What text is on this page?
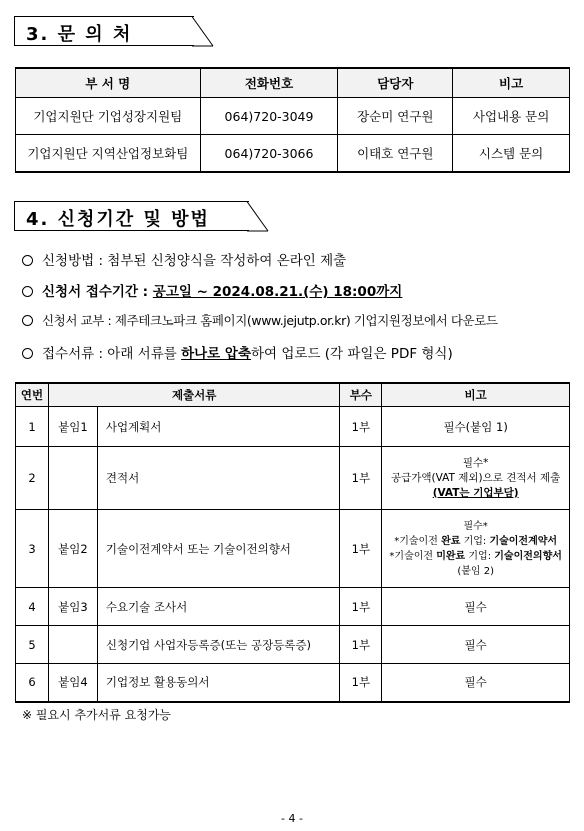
3. 문 의 처
부 서 명	전화번호	담당자	비고
기업지원단 기업성장지원팀	064)720-3049	장순미 연구원	사업내용 문의
기업지원단 지역산업정보화팀	064)720-3066	이태호 연구원	시스템 문의
4. 신청기간 및 방법
신청방법 : 첨부된 신청양식을 작성하여 온라인 제출
신청서 접수기간 : 공고일 ~ 2024.08.21.(수) 18:00까지
신청서 교부 : 제주테크노파크 홈페이지(www.jejutp.or.kr) 기업지원정보에서 다운로드
접수서류 : 아래 서류를 하나로 압축하여 업로드 (각 파일은 PDF 형식)
연번	제출서류		부수	비고
1	붙임1	사업계획서	1부	필수(붙임 1)
2		견적서	1부	필수*
공급가액(VAT 제외)으로 견적서 제출
(VAT는 기업부담)

3	붙임2	기술이전계약서 또는 기술이전의향서	1부	필수*
*기술이전 완료 기업: 기술이전계약서
*기술이전 미완료 기업: 기술이전의향서
(붙임 2)

4	붙임3	수요기술 조사서	1부	필수
5		신청기업 사업자등록증(또는 공장등록증)	1부	필수
6	붙임4	기업정보 활용동의서	1부	필수
※ 필요시 추가서류 요청가능
- 4 -
